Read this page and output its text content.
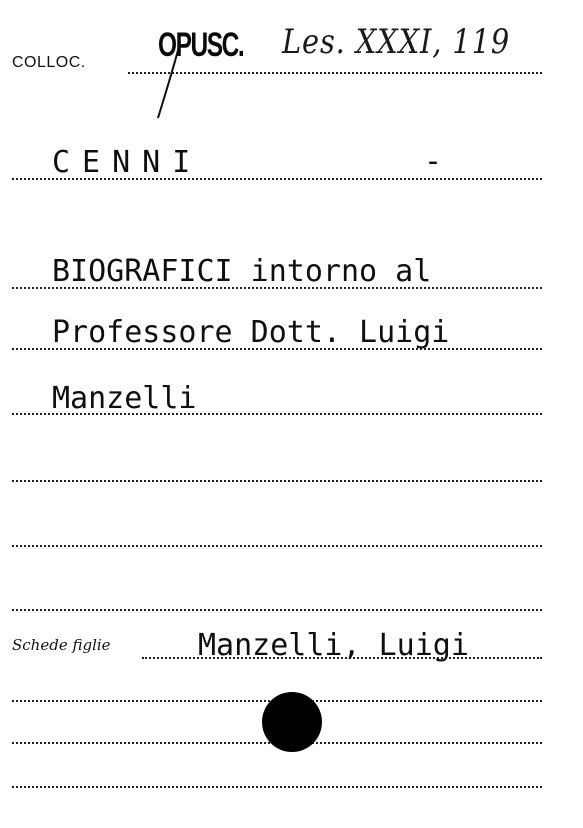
COLLOC. OPUSC. Les. XXXI, 119
CENNI	-
BIOGRAFICI intorno al
Professore Dott. Luigi
Manzelli
Schede figlie	Manzelli, Luigi
